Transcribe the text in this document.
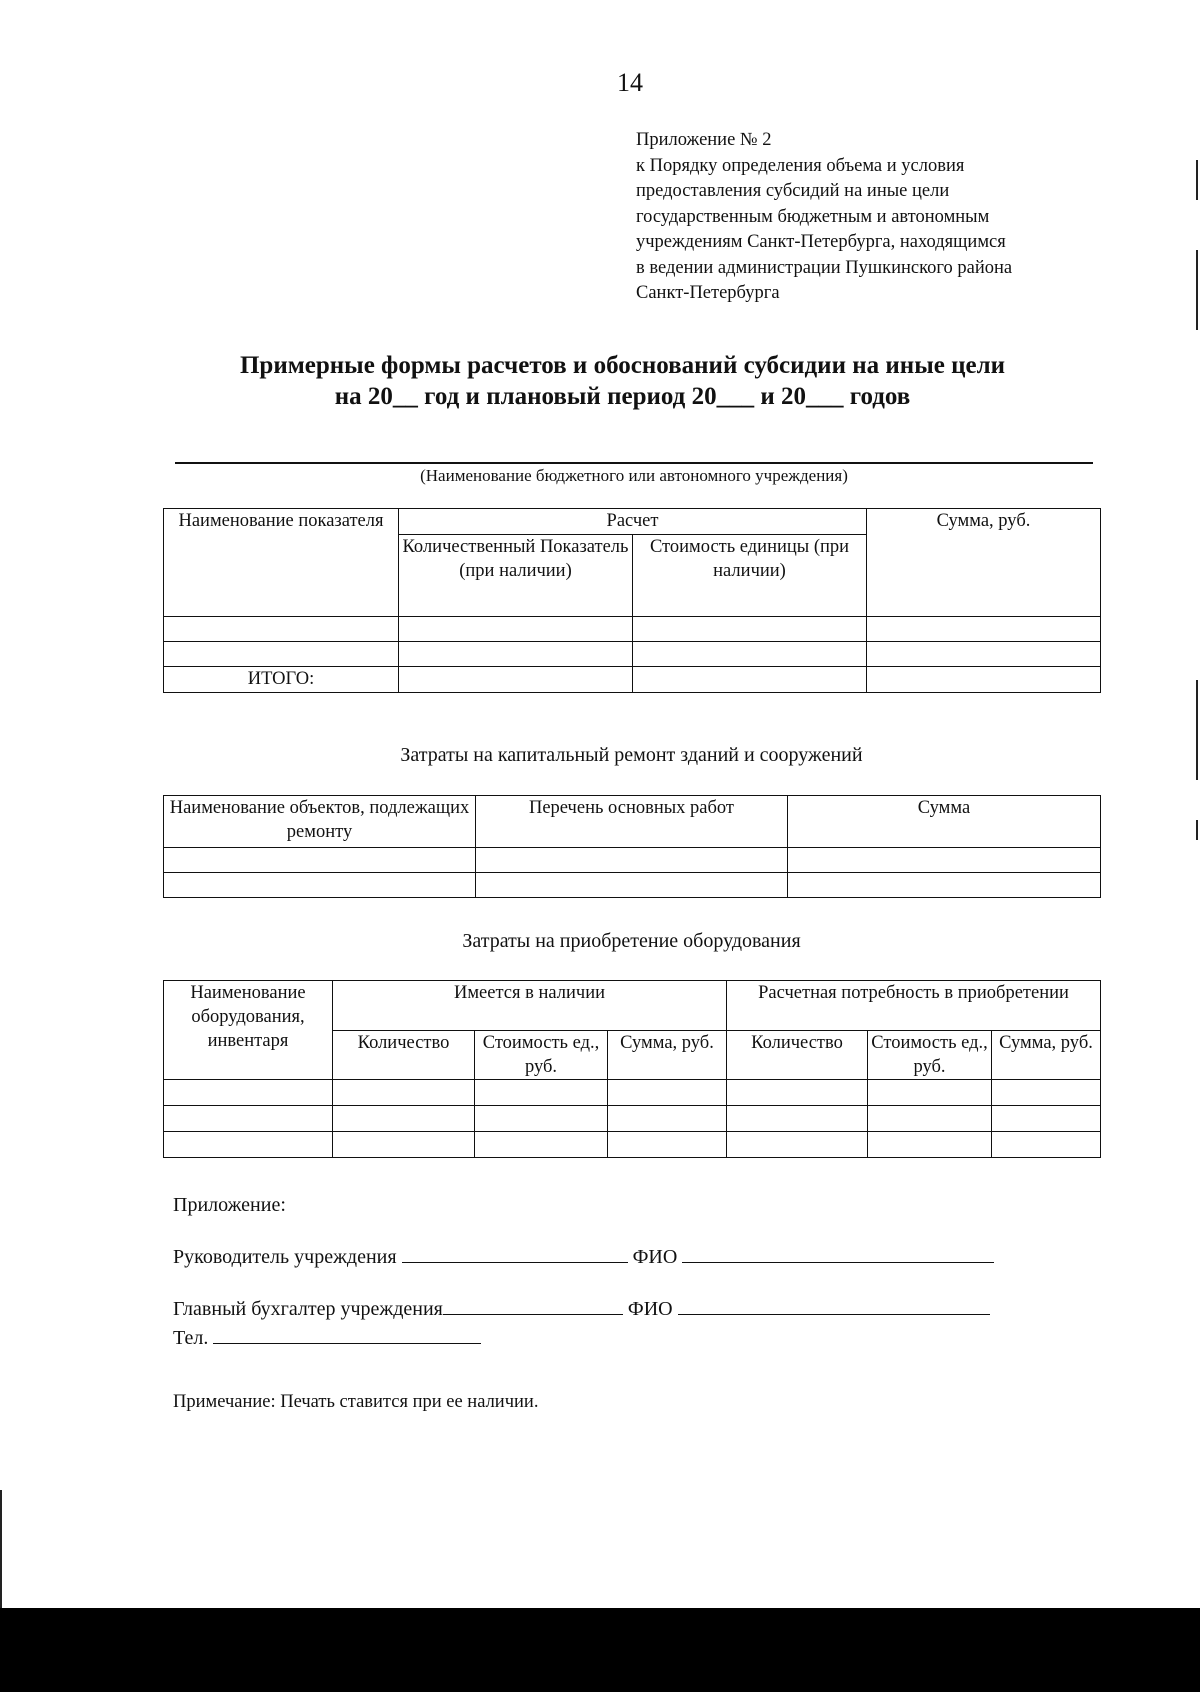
14
Приложение № 2
к Порядку определения объема и условия
предоставления субсидий на иные цели
государственным бюджетным и автономным
учреждениям Санкт-Петербурга, находящимся
в ведении администрации Пушкинского района
Санкт-Петербурга
Примерные формы расчетов и обоснований субсидии на иные цели
на 20__ год и плановый период 20___ и 20___ годов
(Наименование бюджетного или автономного учреждения)
Наименование показателя	Расчет		Сумма, руб.
	Количественный Показатель (при наличии)	Стоимость единицы (при наличии)	

ИТОГО:			
Затраты на капитальный ремонт зданий и сооружений
Наименование объектов, подлежащих ремонту	Перечень основных работ	Сумма

Затраты на приобретение оборудования
Наименование оборудования, инвентаря	Имеется в наличии			Расчетная потребность в приобретении		
	Количество	Стоимость ед., руб.	Сумма, руб.	Количество	Стоимость ед., руб.	Сумма, руб.

Приложение:
Руководитель учреждения	ФИО
Главный бухгалтер учреждения	ФИО
Тел.
Примечание: Печать ставится при ее наличии.
